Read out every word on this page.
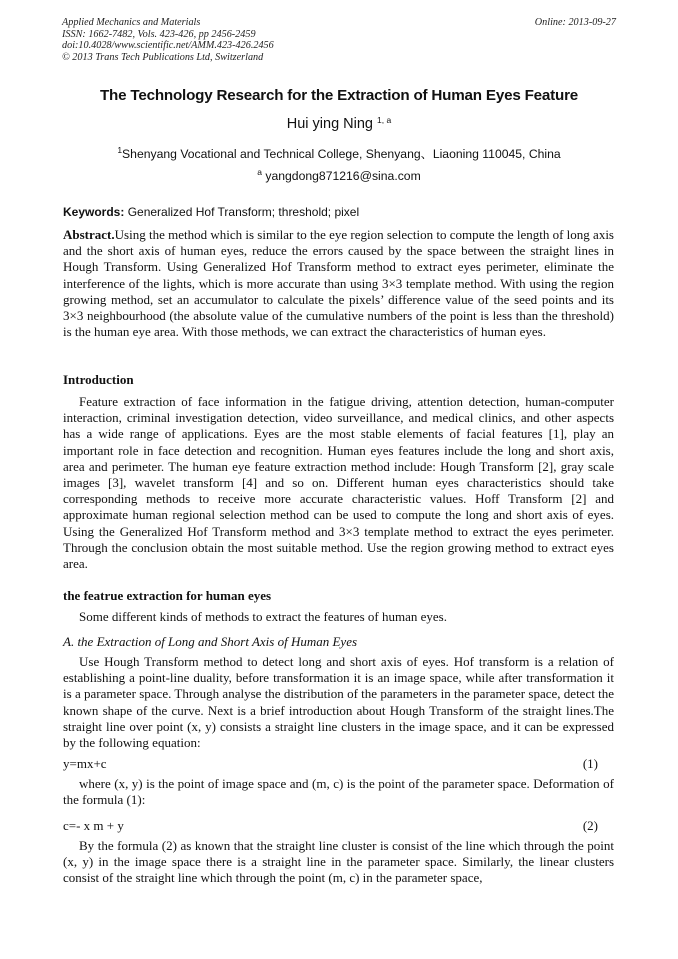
Applied Mechanics and Materials
ISSN: 1662-7482, Vols. 423-426, pp 2456-2459
doi:10.4028/www.scientific.net/AMM.423-426.2456
© 2013 Trans Tech Publications Ltd, Switzerland
Online: 2013-09-27
The Technology Research for the Extraction of Human Eyes Feature
Hui ying Ning $^{1, a}$
$^1$Shenyang Vocational and Technical College, Shenyang、Liaoning 110045, China
$^a$ yangdong871216@sina.com
Keywords: Generalized Hof Transform; threshold; pixel

Abstract.Using the method which is similar to the eye region selection to compute the length of long axis and the short axis of human eyes, reduce the errors caused by the space between the straight lines in Hough Transform. Using Generalized Hof Transform method to extract eyes perimeter, eliminate the interference of the lights, which is more accurate than using 3×3 template method. With using the region growing method, set an accumulator to calculate the pixels’ difference value of the seed points and its 3×3 neighbourhood (the absolute value of the cumulative numbers of the point is less than the threshold) is the human eye area. With those methods, we can extract the characteristics of human eyes.

Introduction

Feature extraction of face information in the fatigue driving, attention detection, human-computer interaction, criminal investigation detection, video surveillance, and medical clinics, and other aspects has a wide range of applications. Eyes are the most stable elements of facial features [1], play an important role in face detection and recognition. Human eyes features include the long and short axis, area and perimeter. The human eye feature extraction method include: Hough Transform [2], gray scale images [3], wavelet transform [4] and so on. Different human eyes characteristics should take corresponding methods to receive more accurate characteristic values. Hoff Transform [2] and approximate human regional selection method can be used to compute the long and short axis of eyes. Using the Generalized Hof Transform method and 3×3 template method to extract the eyes perimeter. Through the conclusion obtain the most suitable method. Use the region growing method to extract eyes area.

the featrue extraction for human eyes

Some different kinds of methods to extract the features of human eyes.

A. the Extraction of Long and Short Axis of Human Eyes

Use Hough Transform method to detect long and short axis of eyes. Hof transform is a relation of establishing a point-line duality, before transformation it is an image space, while after transformation it is a parameter space. Through analyse the distribution of the parameters in the parameter space, detect the known shape of the curve. Next is a brief introduction about Hough Transform of the straight lines.The straight line over point (x, y) consists a straight line clusters in the image space, and it can be expressed by the following equation:

y=mx+c	(1)

where (x, y) is the point of image space and (m, c) is the point of the parameter space. Deformation of the formula (1):

c=- x m + y	(2)

By the formula (2) as known that the straight line cluster is consist of the line which through the point (x, y) in the image space there is a straight line in the parameter space. Similarly, the linear clusters consist of the straight line which through the point (m, c) in the parameter space,
